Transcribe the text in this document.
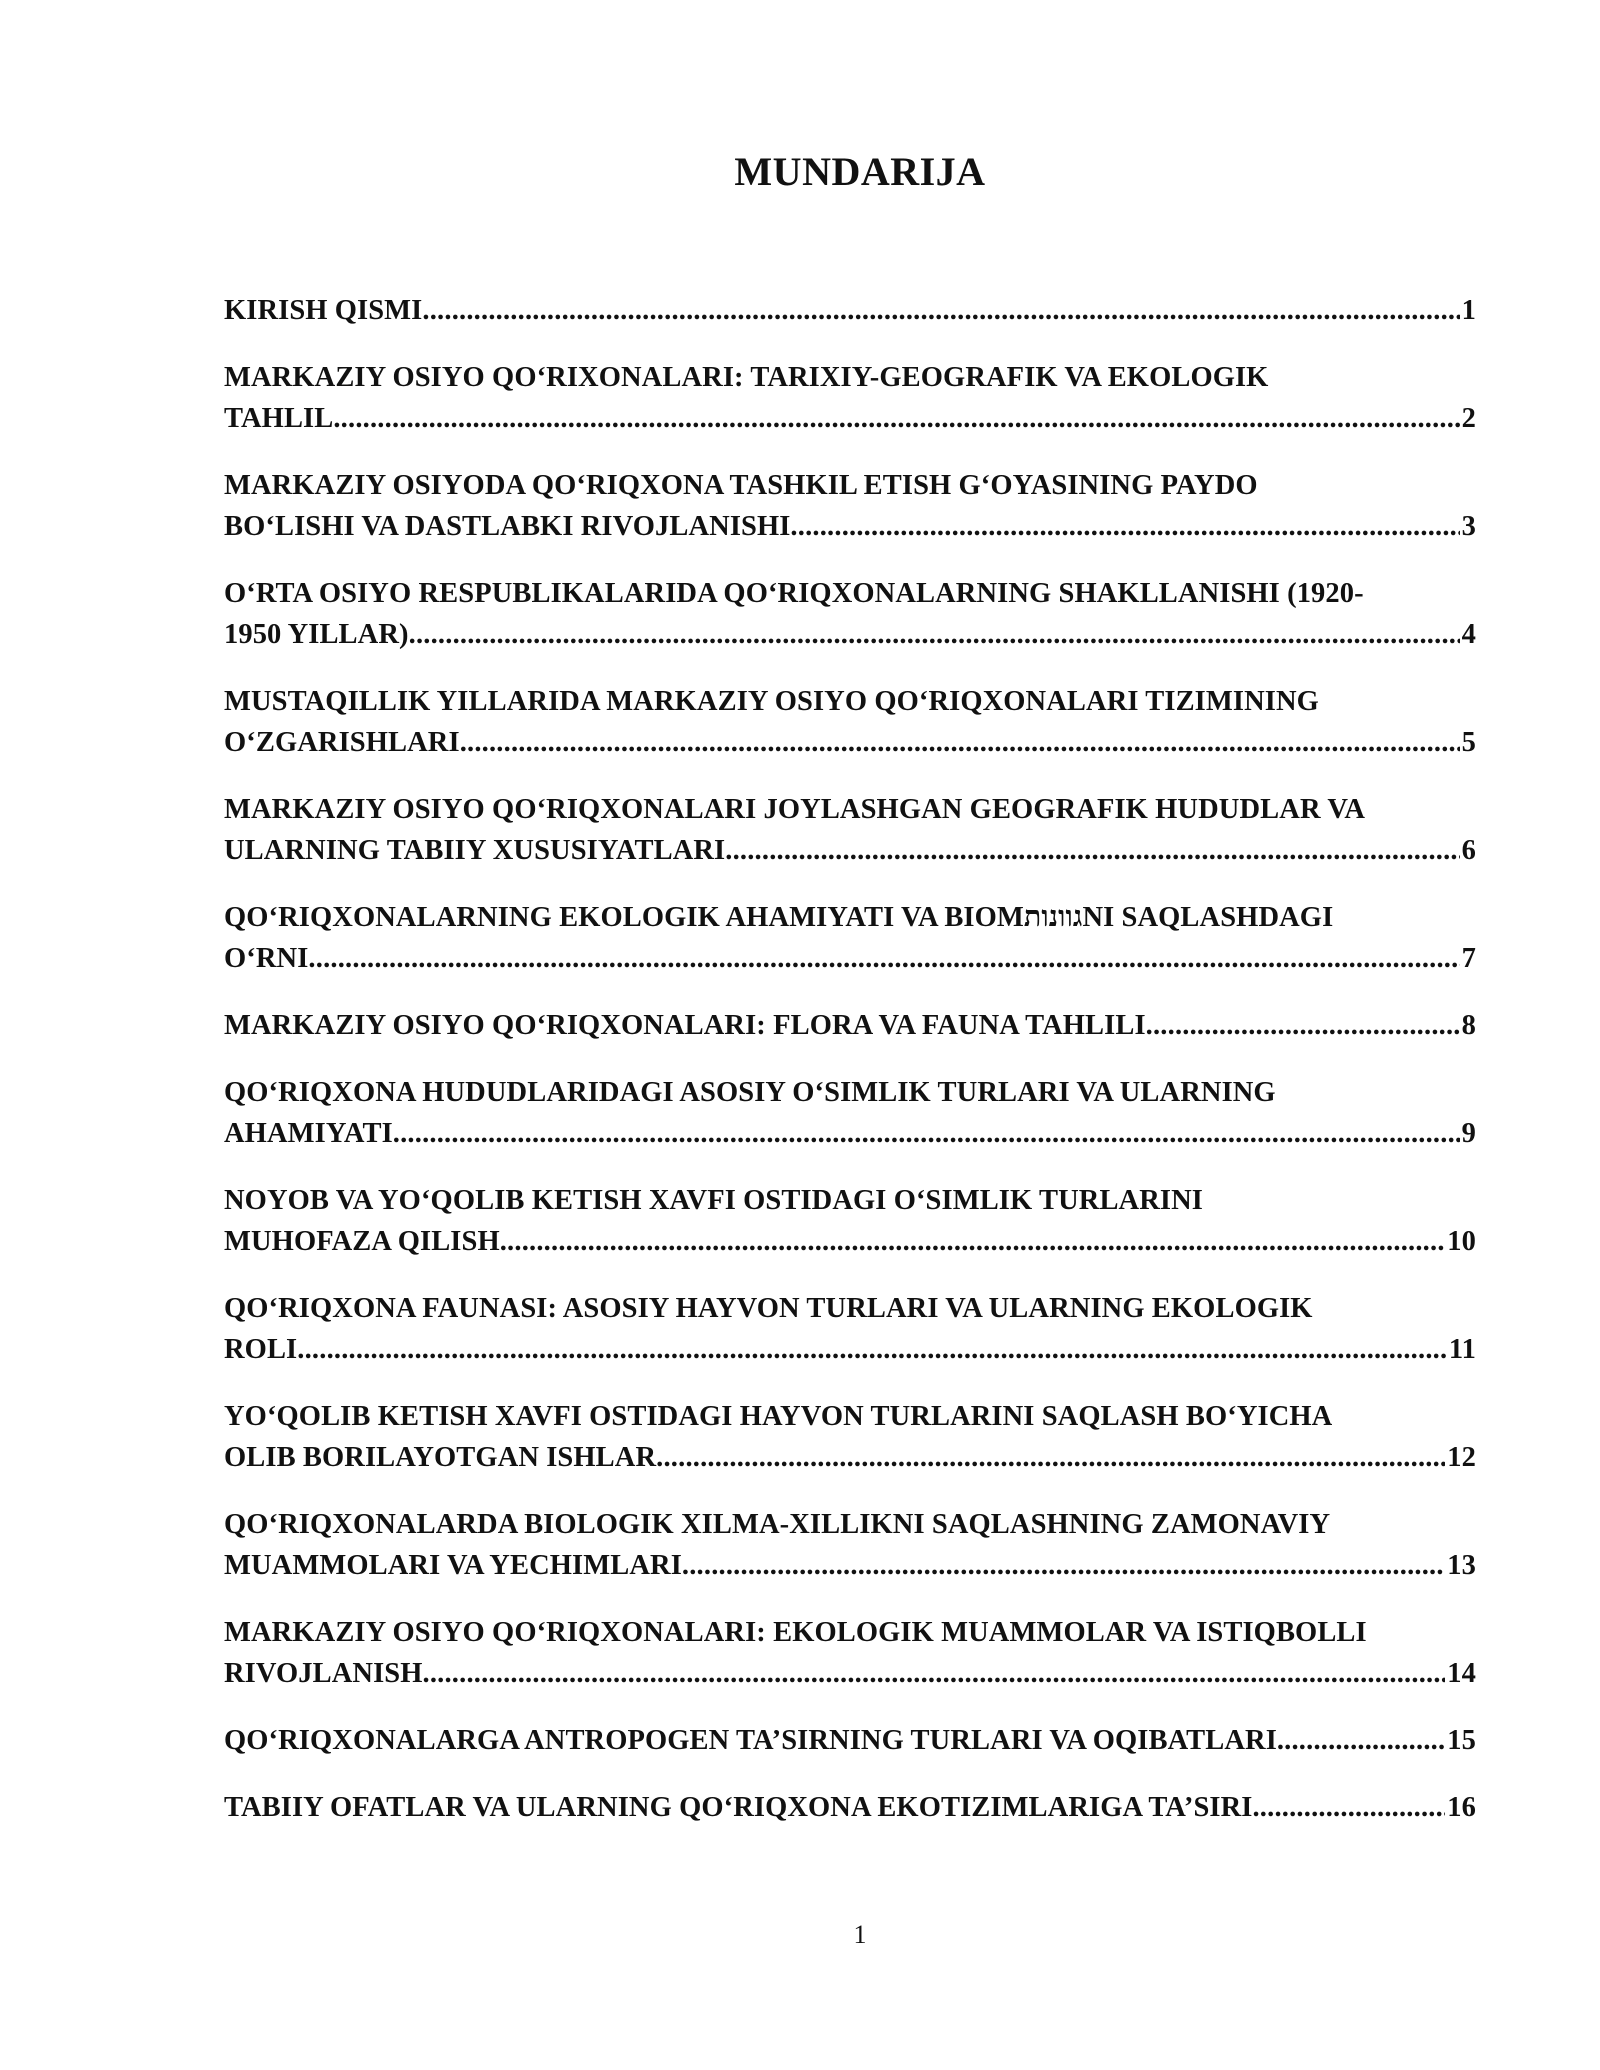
MUNDARIJA
KIRISH QISMI .....	1
MARKAZIY OSIYO QO‘RIXONALARI: TARIXIY-GEOGRAFIK VA EKOLOGIK
TAHLIL .....	2
MARKAZIY OSIYODA QO‘RIQXONA TASHKIL ETISH G‘OYASINING PAYDO
BO‘LISHI VA DASTLABKI RIVOJLANISHI .....	3
O‘RTA OSIYO RESPUBLIKALARIDA QO‘RIQXONALARNING SHAKLLANISHI (1920-
1950 YILLAR) .....	4
MUSTAQILLIK YILLARIDA MARKAZIY OSIYO QO‘RIQXONALARI TIZIMINING
O‘ZGARISHLARI .....	5
MARKAZIY OSIYO QO‘RIQXONALARI JOYLASHGAN GEOGRAFIK HUDUDLAR VA
ULARNING TABIIY XUSUSIYATLARI .....	6
QO‘RIQXONALARNING EKOLOGIK AHAMIYATI VA BIOMגוונותNI SAQLASHDAGI
O‘RNI .....	7
MARKAZIY OSIYO QO‘RIQXONALARI: FLORA VA FAUNA TAHLILI .....	8
QO‘RIQXONA HUDUDLARIDAGI ASOSIY O‘SIMLIK TURLARI VA ULARNING
AHAMIYATI .....	9
NOYOB VA YO‘QOLIB KETISH XAVFI OSTIDAGI O‘SIMLIK TURLARINI
MUHOFAZA QILISH .....	10
QO‘RIQXONA FAUNASI: ASOSIY HAYVON TURLARI VA ULARNING EKOLOGIK
ROLI .....	11
YO‘QOLIB KETISH XAVFI OSTIDAGI HAYVON TURLARINI SAQLASH BO‘YICHA
OLIB BORILAYOTGAN ISHLAR .....	12
QO‘RIQXONALARDA BIOLOGIK XILMA-XILLIKNI SAQLASHNING ZAMONAVIY
MUAMMOLARI VA YECHIMLARI .....	13
MARKAZIY OSIYO QO‘RIQXONALARI: EKOLOGIK MUAMMOLAR VA ISTIQBOLLI
RIVOJLANISH .....	14
QO‘RIQXONALARGA ANTROPOGEN TA’SIRNING TURLARI VA OQIBATLARI. .....	15
TABIIY OFATLAR VA ULARNING QO‘RIQXONA EKOTIZIMLARIGA TA’SIRI .....	16
1
